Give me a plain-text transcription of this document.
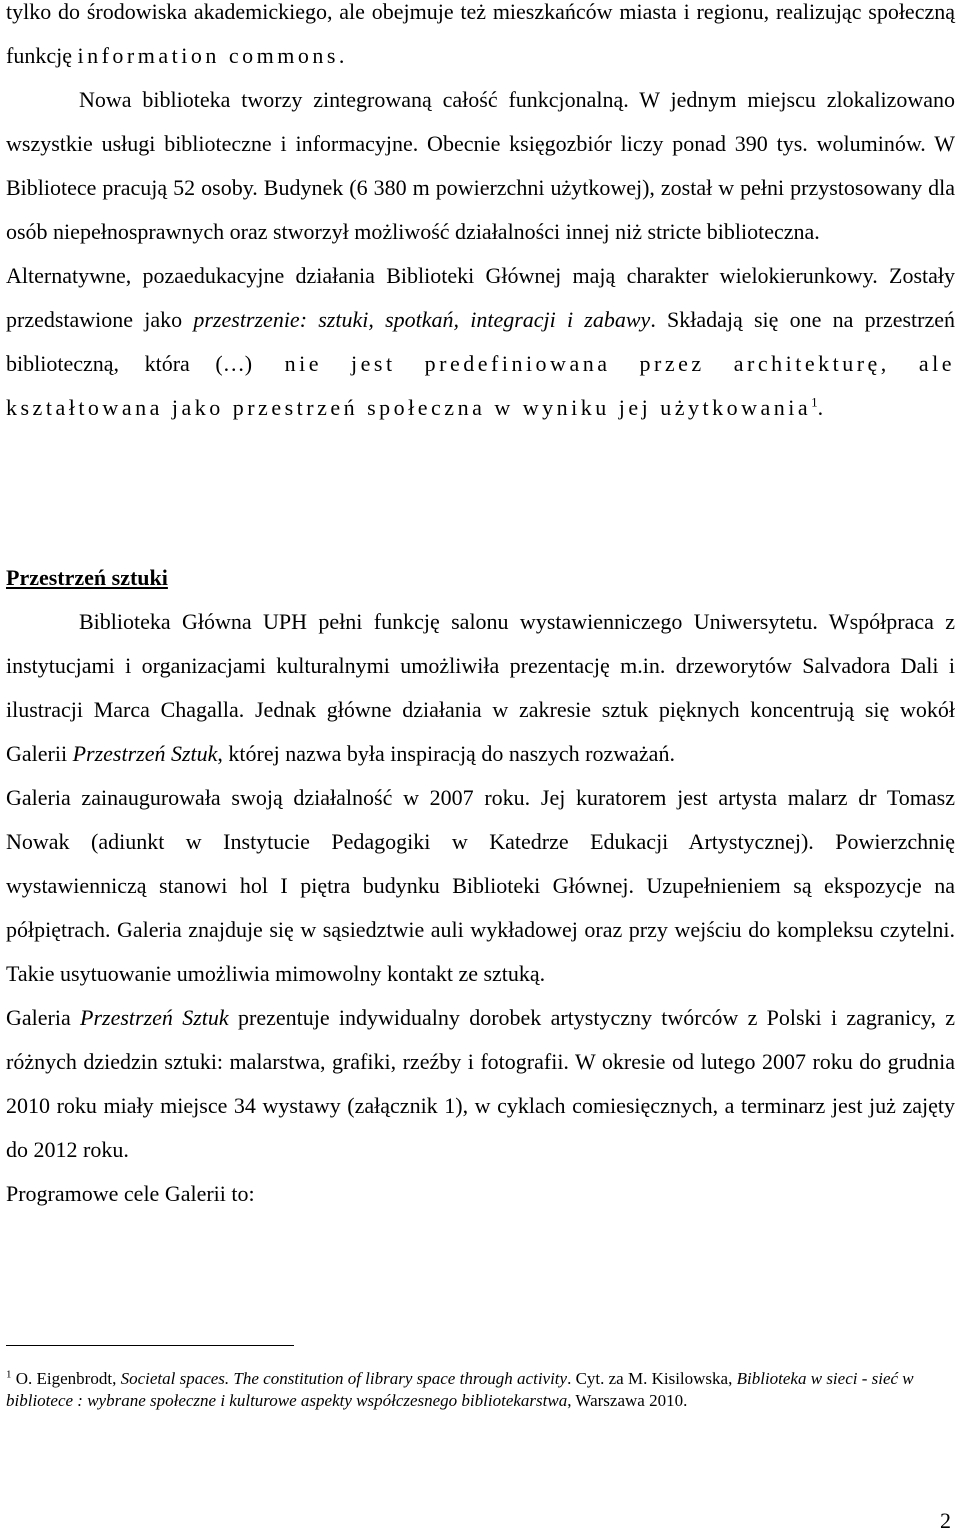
tylko do środowiska akademickiego, ale obejmuje też mieszkańców miasta i regionu, realizując społeczną funkcję information commons.

Nowa biblioteka tworzy zintegrowaną całość funkcjonalną. W jednym miejscu zlokalizowano wszystkie usługi biblioteczne i informacyjne. Obecnie księgozbiór liczy ponad 390 tys. woluminów. W Bibliotece pracują 52 osoby. Budynek (6 380 m powierzchni użytkowej), został w pełni przystosowany dla osób niepełnosprawnych oraz stworzył możliwość działalności innej niż stricte biblioteczna.

Alternatywne, pozaedukacyjne działania Biblioteki Głównej mają charakter wielokierunkowy. Zostały przedstawione jako przestrzenie: sztuki, spotkań, integracji i zabawy. Składają się one na przestrzeń biblioteczną, która (…) nie jest predefiniowana przez architekturę, ale kształtowana jako przestrzeń społeczna w wyniku jej użytkowania$^1$.

Przestrzeń sztuki

Biblioteka Główna UPH pełni funkcję salonu wystawienniczego Uniwersytetu. Współpraca z instytucjami i organizacjami kulturalnymi umożliwiła prezentację m.in. drzeworytów Salvadora Dali i ilustracji Marca Chagalla. Jednak główne działania w zakresie sztuk pięknych koncentrują się wokół Galerii Przestrzeń Sztuk, której nazwa była inspiracją do naszych rozważań.

Galeria zainaugurowała swoją działalność w 2007 roku. Jej kuratorem jest artysta malarz dr Tomasz Nowak (adiunkt w Instytucie Pedagogiki w Katedrze Edukacji Artystycznej). Powierzchnię wystawienniczą stanowi hol I piętra budynku Biblioteki Głównej. Uzupełnieniem są ekspozycje na półpiętrach. Galeria znajduje się w sąsiedztwie auli wykładowej oraz przy wejściu do kompleksu czytelni. Takie usytuowanie umożliwia mimowolny kontakt ze sztuką.

Galeria Przestrzeń Sztuk prezentuje indywidualny dorobek artystyczny twórców z Polski i zagranicy, z różnych dziedzin sztuki: malarstwa, grafiki, rzeźby i fotografii. W okresie od lutego 2007 roku do grudnia 2010 roku miały miejsce 34 wystawy (załącznik 1), w cyklach comiesięcznych, a terminarz jest już zajęty do 2012 roku.

Programowe cele Galerii to:

$^1$ O. Eigenbrodt, Societal spaces. The constitution of library space through activity. Cyt. za M. Kisilowska, Biblioteka w sieci - sieć w bibliotece : wybrane społeczne i kulturowe aspekty współczesnego bibliotekarstwa, Warszawa 2010.

2
